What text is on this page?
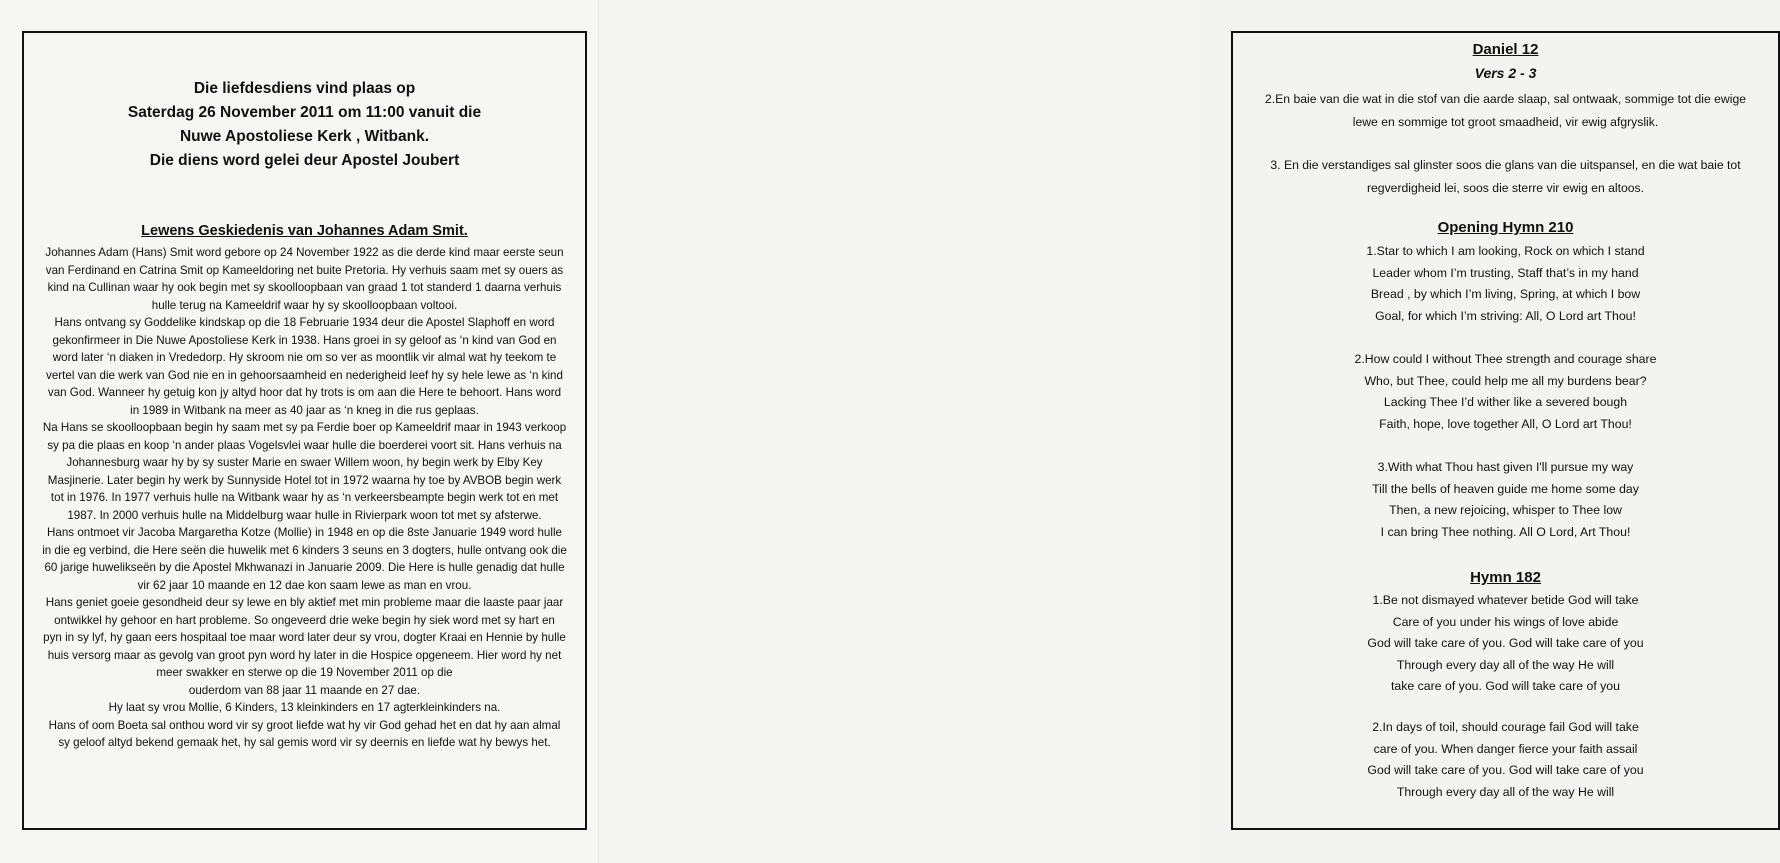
Die liefdesdiens vind plaas op
Saterdag 26 November 2011 om 11:00 vanuit die
Nuwe Apostoliese Kerk , Witbank.
Die diens word gelei deur Apostel Joubert
Lewens Geskiedenis van Johannes Adam Smit.

Johannes Adam (Hans) Smit word gebore op 24 November 1922 as die derde kind maar eerste seun

van Ferdinand en Catrina Smit op Kameeldoring net buite Pretoria. Hy verhuis saam met sy ouers as

kind na Cullinan waar hy ook begin met sy skoolloopbaan van graad 1 tot standerd 1 daarna verhuis

hulle terug na Kameeldrif waar hy sy skoolloopbaan voltooi.

Hans ontvang sy Goddelike kindskap op die 18 Februarie 1934 deur die Apostel Slaphoff en word

gekonfirmeer in Die Nuwe Apostoliese Kerk in 1938. Hans groei in sy geloof as ‘n kind van God en

word later ‘n diaken in Vrededorp. Hy skroom nie om so ver as moontlik vir almal wat hy teekom te

vertel van die werk van God nie en in gehoorsaamheid en nederigheid leef hy sy hele lewe as ‘n kind

van God. Wanneer hy getuig kon jy altyd hoor dat hy trots is om aan die Here te behoort. Hans word

in 1989 in Witbank na meer as 40 jaar as ‘n kneg in die rus geplaas.

Na Hans se skoolloopbaan begin hy saam met sy pa Ferdie boer op Kameeldrif maar in 1943 verkoop

sy pa die plaas en koop ‘n ander plaas Vogelsvlei waar hulle die boerderei voort sit. Hans verhuis na

Johannesburg waar hy by sy suster Marie en swaer Willem woon, hy begin werk by Elby Key

Masjinerie. Later begin hy werk by Sunnyside Hotel tot in 1972 waarna hy toe by AVBOB begin werk

tot in 1976. In 1977 verhuis hulle na Witbank waar hy as ‘n verkeersbeampte begin werk tot en met

1987. In 2000 verhuis hulle na Middelburg waar hulle in Rivierpark woon tot met sy afsterwe.

Hans ontmoet vir Jacoba Margaretha Kotze (Mollie) in 1948 en op die 8ste Januarie 1949 word hulle

in die eg verbind, die Here seën die huwelik met 6 kinders 3 seuns en 3 dogters, hulle ontvang ook die

60 jarige huwelikseën by die Apostel Mkhwanazi in Januarie 2009. Die Here is hulle genadig dat hulle

vir 62 jaar 10 maande en 12 dae kon saam lewe as man en vrou.

Hans geniet goeie gesondheid deur sy lewe en bly aktief met min probleme maar die laaste paar jaar

ontwikkel hy gehoor en hart probleme. So ongeveerd drie weke begin hy siek word met sy hart en

pyn in sy lyf, hy gaan eers hospitaal toe maar word later deur sy vrou, dogter Kraai en Hennie by hulle

huis versorg maar as gevolg van groot pyn word hy later in die Hospice opgeneem. Hier word hy net

meer swakker en sterwe op die 19 November 2011 op die

ouderdom van 88 jaar 11 maande en 27 dae.

Hy laat sy vrou Mollie, 6 Kinders, 13 kleinkinders en 17 agterkleinkinders na.

Hans of oom Boeta sal onthou word vir sy groot liefde wat hy vir God gehad het en dat hy aan almal

sy geloof altyd bekend gemaak het, hy sal gemis word vir sy deernis en liefde wat hy bewys het.

Daniel 12
Vers 2 - 3
2.En baie van die wat in die stof van die aarde slaap, sal ontwaak, sommige tot die ewige
lewe en sommige tot groot smaadheid, vir ewig afgryslik.
3. En die verstandiges sal glinster soos die glans van die uitspansel, en die wat baie tot
regverdigheid lei, soos die sterre vir ewig en altoos.
Opening Hymn 210
1.Star to which I am looking, Rock on which I stand
Leader whom I’m trusting, Staff that’s in my hand
Bread , by which I’m living, Spring, at which I bow
Goal, for which I’m striving: All, O Lord art Thou!
2.How could I without Thee strength and courage share
Who, but Thee, could help me all my burdens bear?
Lacking Thee I’d wither like a severed bough
Faith, hope, love together All, O Lord art Thou!
3.With what Thou hast given I'll pursue my way
Till the bells of heaven guide me home some day
Then, a new rejoicing, whisper to Thee low
I can bring Thee nothing. All O Lord, Art Thou!
Hymn 182
1.Be not dismayed whatever betide God will take
Care of you under his wings of love abide
God will take care of you. God will take care of you
Through every day all of the way He will
take care of you. God will take care of you
2.In days of toil, should courage fail God will take
care of you. When danger fierce your faith assail
God will take care of you. God will take care of you
Through every day all of the way He will
